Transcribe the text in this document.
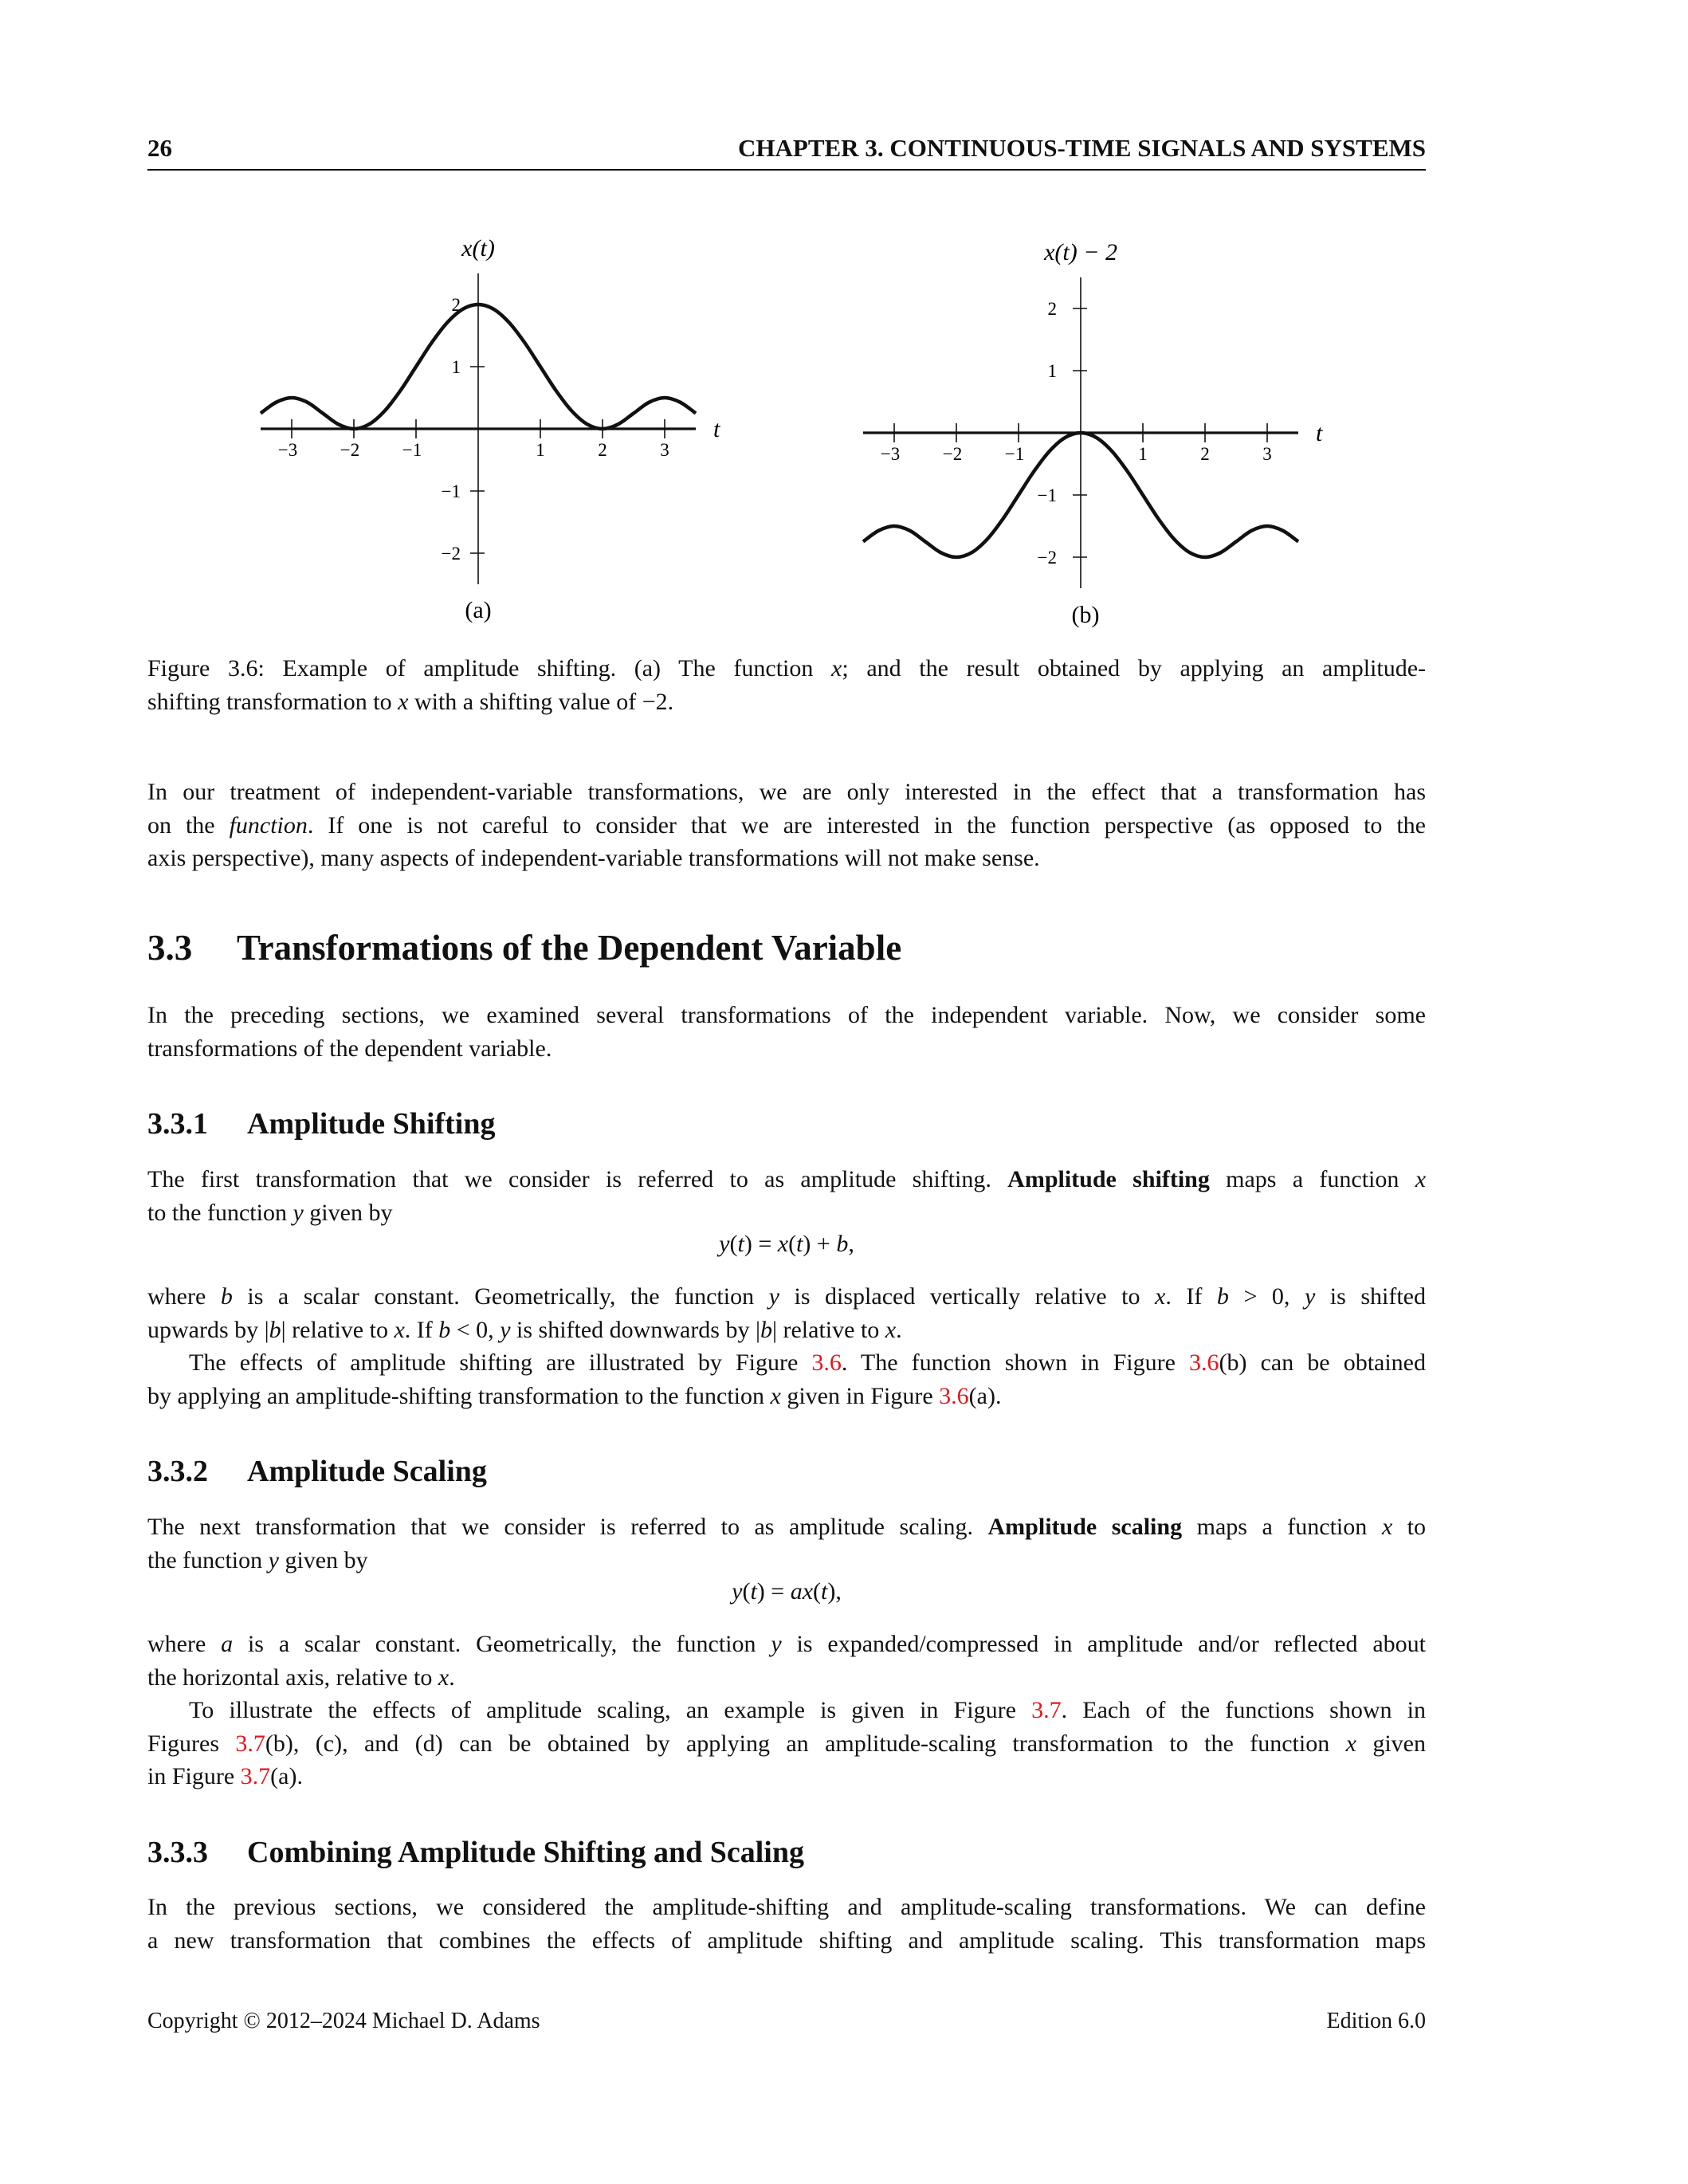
26	CHAPTER 3. CONTINUOUS-TIME SIGNALS AND SYSTEMS
−3 −2 −1	1	2	3
2
1
−1
−2
x(t)
t
−3 −2 −1	1	2	3
2
1
−1
−2
x(t) − 2
t
(a)	(b)
Figure 3.6: Example of amplitude shifting. (a) The function x; and the result obtained by applying an amplitude-
shifting transformation to x with a shifting value of −2.
In our treatment of independent-variable transformations, we are only interested in the effect that a transformation has
on the function. If one is not careful to consider that we are interested in the function perspective (as opposed to the
axis perspective), many aspects of independent-variable transformations will not make sense.
3.3 Transformations of the Dependent Variable
In the preceding sections, we examined several transformations of the independent variable. Now, we consider some
transformations of the dependent variable.
3.3.1 Amplitude Shifting
The first transformation that we consider is referred to as amplitude shifting. Amplitude shifting maps a function x
to the function y given by
y(t) = x(t) + b,
where b is a scalar constant. Geometrically, the function y is displaced vertically relative to x. If b > 0, y is shifted
upwards by |b| relative to x. If b < 0, y is shifted downwards by |b| relative to x.
The effects of amplitude shifting are illustrated by Figure 3.6. The function shown in Figure 3.6(b) can be obtained
by applying an amplitude-shifting transformation to the function x given in Figure 3.6(a).
3.3.2 Amplitude Scaling
The next transformation that we consider is referred to as amplitude scaling. Amplitude scaling maps a function x to
the function y given by
y(t) = ax(t),
where a is a scalar constant. Geometrically, the function y is expanded/compressed in amplitude and/or reflected about
the horizontal axis, relative to x.
To illustrate the effects of amplitude scaling, an example is given in Figure 3.7. Each of the functions shown in
Figures 3.7(b), (c), and (d) can be obtained by applying an amplitude-scaling transformation to the function x given
in Figure 3.7(a).
3.3.3 Combining Amplitude Shifting and Scaling
In the previous sections, we considered the amplitude-shifting and amplitude-scaling transformations. We can define
a new transformation that combines the effects of amplitude shifting and amplitude scaling. This transformation maps
Copyright © 2012–2024 Michael D. Adams	Edition 6.0
